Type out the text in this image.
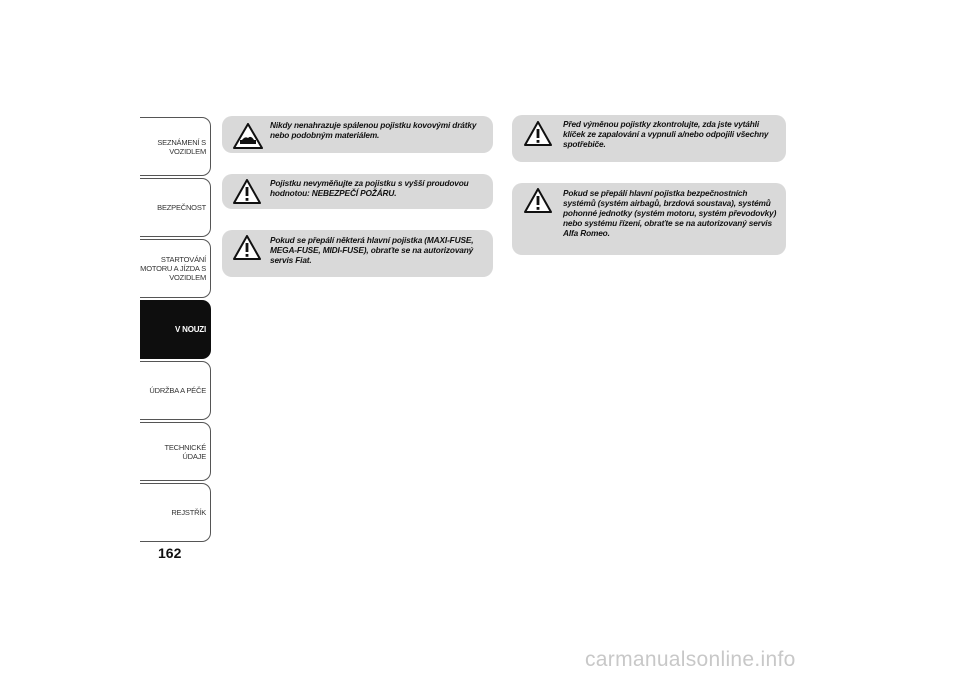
SEZNÁMENÍ S
VOZIDLEM
BEZPEČNOST
STARTOVÁNÍ
MOTORU A JÍZDA S
VOZIDLEM
V NOUZI
ÚDRŽBA A PÉČE
TECHNICKÉ ÚDAJE
REJSTŘÍK
162
Nikdy nenahrazuje spálenou pojistku kovovými drátky nebo podobným materiálem.
Pojistku nevyměňujte za pojistku s vyšší proudovou hodnotou: NEBEZPEČÍ POŽÁRU.
Pokud se přepálí některá hlavní pojistka (MAXI-FUSE, MEGA-FUSE, MIDI-FUSE), obraťte se na autorizovaný servis Fiat.
Před výměnou pojistky zkontrolujte, zda jste vytáhli klíček ze zapalování a vypnuli a/nebo odpojili všechny spotřebiče.
Pokud se přepálí hlavní pojistka bezpečnostních systémů (systém airbagů, brzdová soustava), systémů pohonné jednotky (systém motoru, systém převodovky) nebo systému řízení, obraťte se na autorizovaný servis Alfa Romeo.
carmanualsonline.info
